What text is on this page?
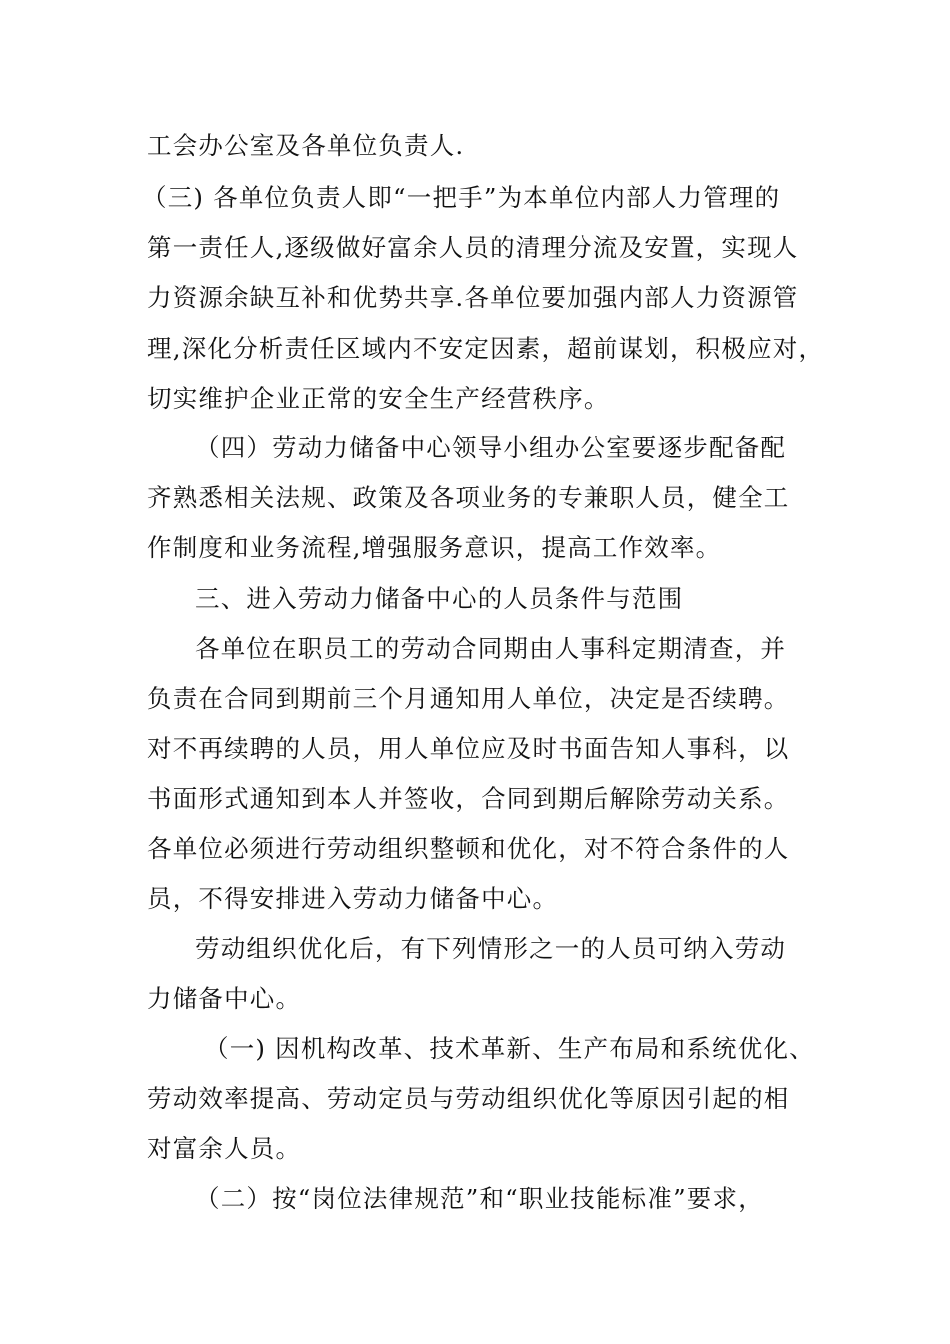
工会办公室及各单位负责人.
（三) 各单位负责人即“一把手”为本单位内部人力管理的
第一责任人,逐级做好富余人员的清理分流及安置，实现人
力资源余缺互补和优势共享.各单位要加强内部人力资源管
理,深化分析责任区域内不安定因素，超前谋划，积极应对，
切实维护企业正常的安全生产经营秩序。
（四）劳动力储备中心领导小组办公室要逐步配备配
齐熟悉相关法规、政策及各项业务的专兼职人员，健全工
作制度和业务流程,增强服务意识，提高工作效率。
三、进入劳动力储备中心的人员条件与范围
各单位在职员工的劳动合同期由人事科定期清查，并
负责在合同到期前三个月通知用人单位，决定是否续聘。
对不再续聘的人员，用人单位应及时书面告知人事科，以
书面形式通知到本人并签收，合同到期后解除劳动关系。
各单位必须进行劳动组织整顿和优化，对不符合条件的人
员，不得安排进入劳动力储备中心。
劳动组织优化后，有下列情形之一的人员可纳入劳动
力储备中心。
（一) 因机构改革、技术革新、生产布局和系统优化、
劳动效率提高、劳动定员与劳动组织优化等原因引起的相
对富余人员。
（二）按“岗位法律规范”和“职业技能标准”要求，
